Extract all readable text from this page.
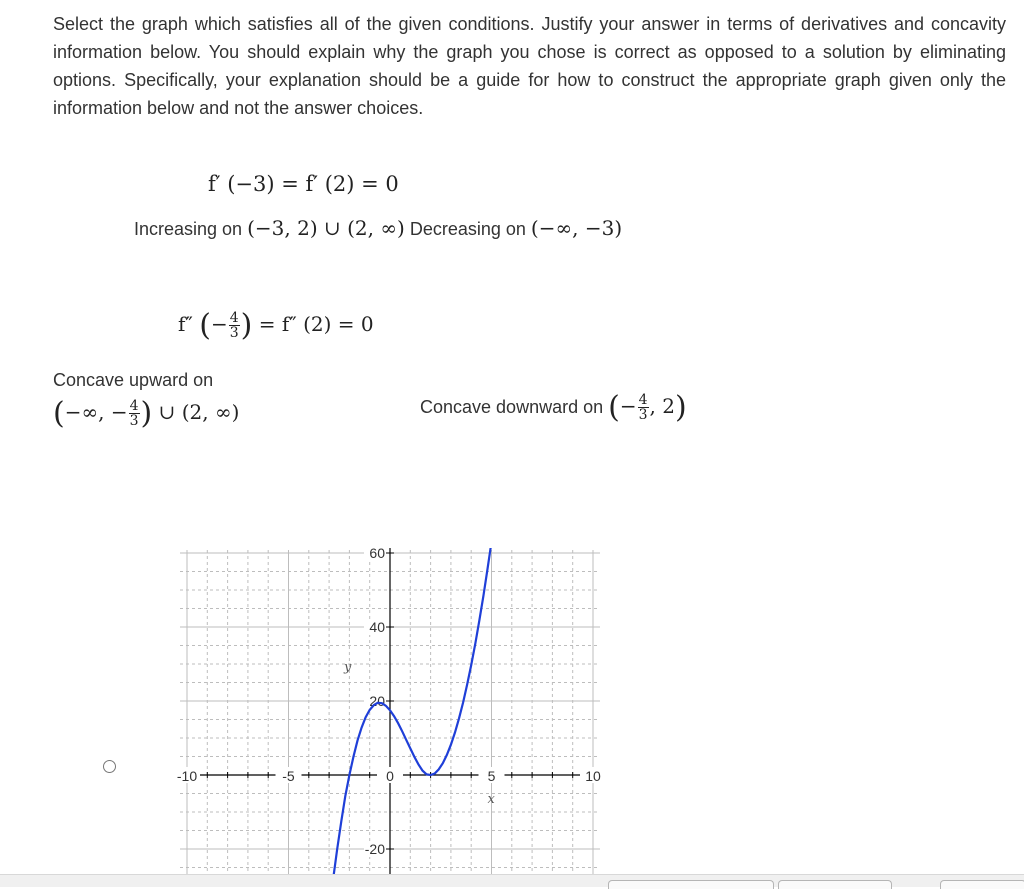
Select the graph which satisfies all of the given conditions. Justify your answer in terms of derivatives and concavity information below. You should explain why the graph you chose is correct as opposed to a solution by eliminating options. Specifically, your explanation should be a guide for how to construct the appropriate graph given only the information below and not the answer choices.
f′ (−3) = f′ (2) = 0
Increasing on (−3, 2) ∪ (2, ∞) Decreasing on (−∞, −3)
f″ (− $\frac{4}{3}$ ) = f″ (2) = 0
Concave upward on
(−∞, − $\frac{4}{3}$ ) ∪ (2, ∞)	Concave downward on (− $\frac{4}{3}$ , 2)
-10	-5	0	5	10
60
40
20
-20
y
x
